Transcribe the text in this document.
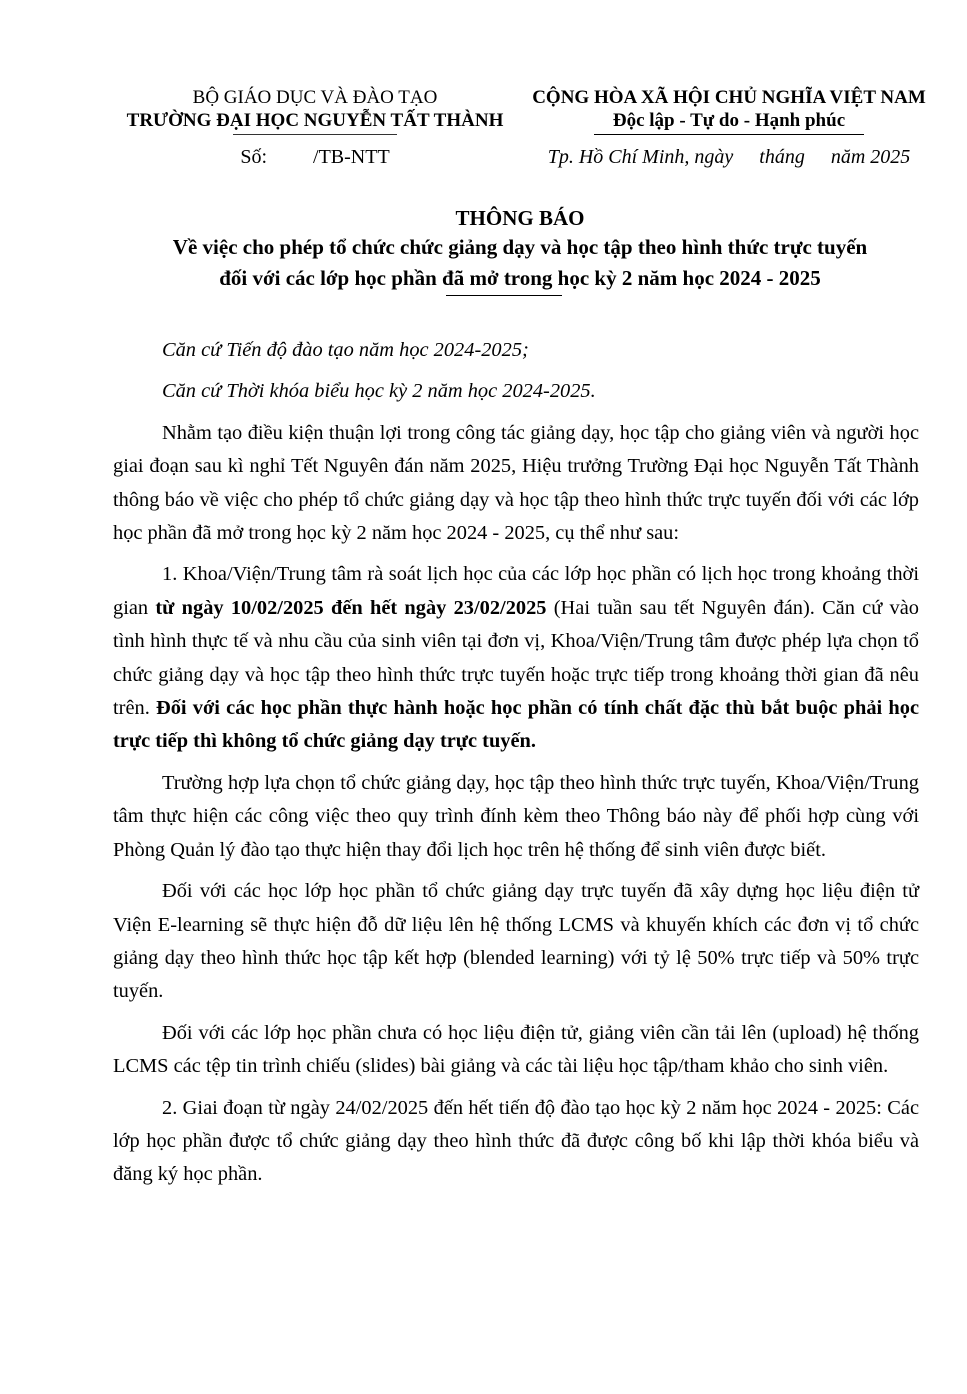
BỘ GIÁO DỤC VÀ ĐÀO TẠO
TRƯỜNG ĐẠI HỌC NGUYỄN TẤT THÀNH
CỘNG HÒA XÃ HỘI CHỦ NGHĨA VIỆT NAM
Độc lập - Tự do - Hạnh phúc
Số: /TB-NTT	Tp. Hồ Chí Minh, ngày tháng năm 2025
THÔNG BÁO
Về việc cho phép tổ chức chức giảng dạy và học tập theo hình thức trực tuyến
đối với các lớp học phần đã mở trong học kỳ 2 năm học 2024 - 2025

Căn cứ Tiến độ đào tạo năm học 2024-2025;

Căn cứ Thời khóa biểu học kỳ 2 năm học 2024-2025.

Nhằm tạo điều kiện thuận lợi trong công tác giảng dạy, học tập cho giảng viên và người học giai đoạn sau kì nghỉ Tết Nguyên đán năm 2025, Hiệu trưởng Trường Đại học Nguyễn Tất Thành thông báo về việc cho phép tổ chức giảng dạy và học tập theo hình thức trực tuyến đối với các lớp học phần đã mở trong học kỳ 2 năm học 2024 - 2025, cụ thể như sau:

1. Khoa/Viện/Trung tâm rà soát lịch học của các lớp học phần có lịch học trong khoảng thời gian từ ngày 10/02/2025 đến hết ngày 23/02/2025 (Hai tuần sau tết Nguyên đán). Căn cứ vào tình hình thực tế và nhu cầu của sinh viên tại đơn vị, Khoa/Viện/Trung tâm được phép lựa chọn tổ chức giảng dạy và học tập theo hình thức trực tuyến hoặc trực tiếp trong khoảng thời gian đã nêu trên. Đối với các học phần thực hành hoặc học phần có tính chất đặc thù bắt buộc phải học trực tiếp thì không tổ chức giảng dạy trực tuyến.

Trường hợp lựa chọn tổ chức giảng dạy, học tập theo hình thức trực tuyến, Khoa/Viện/Trung tâm thực hiện các công việc theo quy trình đính kèm theo Thông báo này để phối hợp cùng với Phòng Quản lý đào tạo thực hiện thay đổi lịch học trên hệ thống để sinh viên được biết.

Đối với các học lớp học phần tổ chức giảng dạy trực tuyến đã xây dựng học liệu điện tử Viện E-learning sẽ thực hiện đỗ dữ liệu lên hệ thống LCMS và khuyến khích các đơn vị tổ chức giảng dạy theo hình thức học tập kết hợp (blended learning) với tỷ lệ 50% trực tiếp và 50% trực tuyến.

Đối với các lớp học phần chưa có học liệu điện tử, giảng viên cần tải lên (upload) hệ thống LCMS các tệp tin trình chiếu (slides) bài giảng và các tài liệu học tập/tham khảo cho sinh viên.

2. Giai đoạn từ ngày 24/02/2025 đến hết tiến độ đào tạo học kỳ 2 năm học 2024 - 2025: Các lớp học phần được tổ chức giảng dạy theo hình thức đã được công bố khi lập thời khóa biểu và đăng ký học phần.
